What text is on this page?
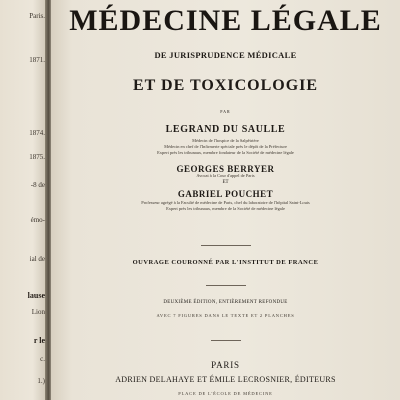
Paris.
1871.
1874.
1875.
-8 de
émo-
ial de
lause
Lion
r le
c.
1.)
MÉDECINE LÉGALE
DE JURISPRUDENCE MÉDICALE
ET DE TOXICOLOGIE
PAR
LEGRAND DU SAULLE
Médecin de l'hospice de la Salpêtrière
Médecin en chef de l'Infirmerie spéciale près le dépôt de la Préfecture
Expert près les tribunaux, membre fondateur de la Société de médecine légale
GEORGES BERRYER
Avocat à la Cour d'appel de Paris
ET
GABRIEL POUCHET
Professeur agrégé à la Faculté de médecine de Paris, chef du laboratoire de l'hôpital Saint-Louis
Expert près les tribunaux, membre de la Société de médecine légale
OUVRAGE COURONNÉ PAR L'INSTITUT DE FRANCE
DEUXIÈME ÉDITION, ENTIÈREMENT REFONDUE
AVEC 7 FIGURES DANS LE TEXTE ET 2 PLANCHES
PARIS
ADRIEN DELAHAYE ET ÉMILE LECROSNIER, ÉDITEURS
PLACE DE L'ÉCOLE DE MÉDECINE
